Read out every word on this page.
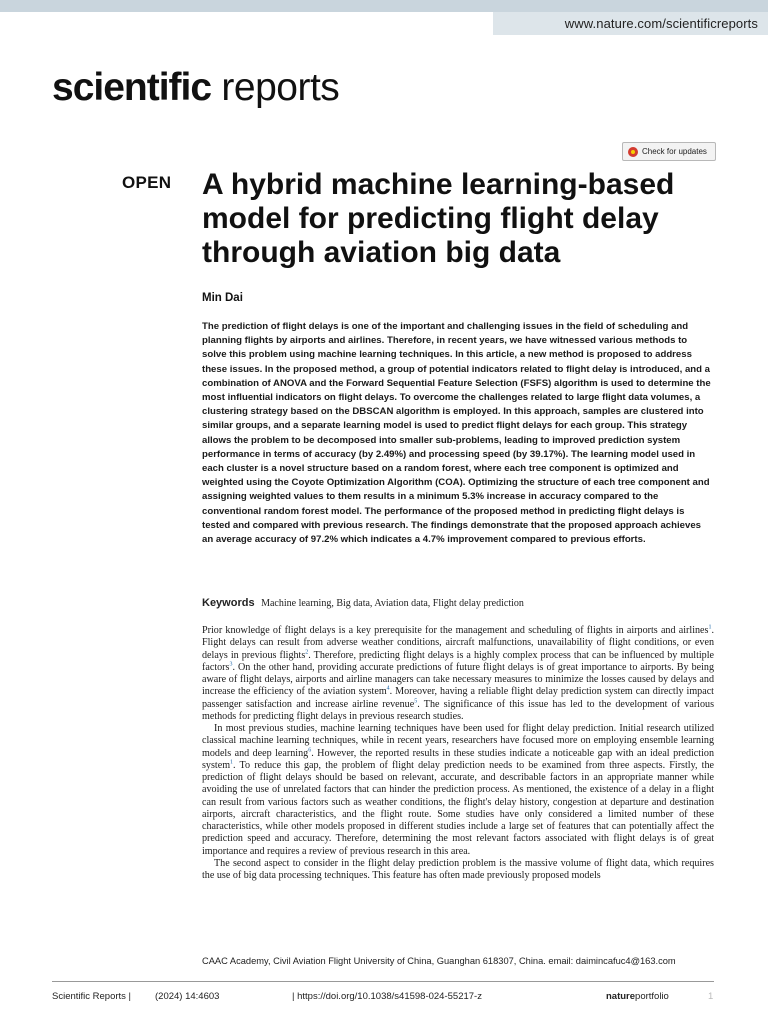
www.nature.com/scientificreports
scientific reports
Check for updates
OPEN A hybrid machine learning-based model for predicting flight delay through aviation big data
Min Dai

The prediction of flight delays is one of the important and challenging issues in the field of scheduling and planning flights by airports and airlines. Therefore, in recent years, we have witnessed various methods to solve this problem using machine learning techniques. In this article, a new method is proposed to address these issues. In the proposed method, a group of potential indicators related to flight delay is introduced, and a combination of ANOVA and the Forward Sequential Feature Selection (FSFS) algorithm is used to determine the most influential indicators on flight delays. To overcome the challenges related to large flight data volumes, a clustering strategy based on the DBSCAN algorithm is employed. In this approach, samples are clustered into similar groups, and a separate learning model is used to predict flight delays for each group. This strategy allows the problem to be decomposed into smaller sub-problems, leading to improved prediction system performance in terms of accuracy (by 2.49%) and processing speed (by 39.17%). The learning model used in each cluster is a novel structure based on a random forest, where each tree component is optimized and weighted using the Coyote Optimization Algorithm (COA). Optimizing the structure of each tree component and assigning weighted values to them results in a minimum 5.3% increase in accuracy compared to the conventional random forest model. The performance of the proposed method in predicting flight delays is tested and compared with previous research. The findings demonstrate that the proposed approach achieves an average accuracy of 97.2% which indicates a 4.7% improvement compared to previous efforts.

Keywords Machine learning, Big data, Aviation data, Flight delay prediction

Prior knowledge of flight delays is a key prerequisite for the management and scheduling of flights in airports and airlines$^1$. Flight delays can result from adverse weather conditions, aircraft malfunctions, unavailability of flight conditions, or even delays in previous flights$^2$. Therefore, predicting flight delays is a highly complex process that can be influenced by multiple factors$^3$. On the other hand, providing accurate predictions of future flight delays is of great importance to airports. By being aware of flight delays, airports and airline managers can take necessary measures to minimize the losses caused by delays and increase the efficiency of the aviation system$^4$. Moreover, having a reliable flight delay prediction system can directly impact passenger satisfaction and increase airline revenue$^5$. The significance of this issue has led to the development of various methods for predicting flight delays in previous research studies.

In most previous studies, machine learning techniques have been used for flight delay prediction. Initial research utilized classical machine learning techniques, while in recent years, researchers have focused more on employing ensemble learning models and deep learning$^6$. However, the reported results in these studies indicate a noticeable gap with an ideal prediction system$^1$. To reduce this gap, the problem of flight delay prediction needs to be examined from three aspects. Firstly, the prediction of flight delays should be based on relevant, accurate, and describable factors in an appropriate manner while avoiding the use of unrelated factors that can hinder the prediction process. As mentioned, the existence of a delay in a flight can result from various factors such as weather conditions, the flight's delay history, congestion at departure and destination airports, aircraft characteristics, and the flight route. Some studies have only considered a limited number of these characteristics, while other models proposed in different studies include a large set of features that can potentially affect the prediction speed and accuracy. Therefore, determining the most relevant factors associated with flight delays is of great importance and requires a review of previous research in this area.

The second aspect to consider in the flight delay prediction problem is the massive volume of flight data, which requires the use of big data processing techniques. This feature has often made previously proposed models

CAAC Academy, Civil Aviation Flight University of China, Guanghan 618307, China. email: daimincafuc4@163.com
Scientific Reports |	(2024) 14:4603	| https://doi.org/10.1038/s41598-024-55217-z	natureportfolio	1
